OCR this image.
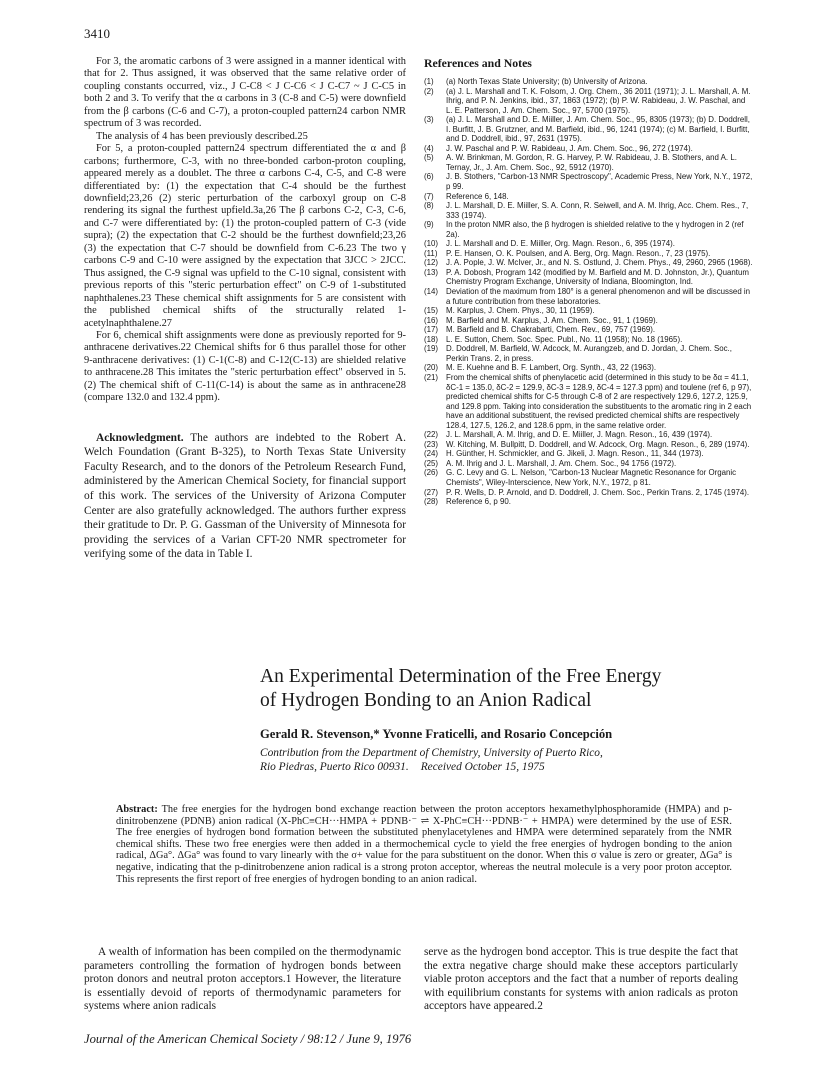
3410

For 3, the aromatic carbons of 3 were assigned in a manner identical with that for 2. Thus assigned, it was observed that the same relative order of coupling constants occurred, viz., J C-C8 < J C-C6 < J C-C7 ~ J C-C5 in both 2 and 3. To verify that the α carbons in 3 (C-8 and C-5) were downfield from the β carbons (C-6 and C-7), a proton-coupled pattern24 carbon NMR spectrum of 3 was recorded.

The analysis of 4 has been previously described.25

For 5, a proton-coupled pattern24 spectrum differentiated the α and β carbons; furthermore, C-3, with no three-bonded carbon-proton coupling, appeared merely as a doublet. The three α carbons C-4, C-5, and C-8 were differentiated by: (1) the expectation that C-4 should be the furthest downfield;23,26 (2) steric perturbation of the carboxyl group on C-8 rendering its signal the furthest upfield.3a,26 The β carbons C-2, C-3, C-6, and C-7 were differentiated by: (1) the proton-coupled pattern of C-3 (vide supra); (2) the expectation that C-2 should be the furthest downfield;23,26 (3) the expectation that C-7 should be downfield from C-6.23 The two γ carbons C-9 and C-10 were assigned by the expectation that 3JCC > 2JCC. Thus assigned, the C-9 signal was upfield to the C-10 signal, consistent with previous reports of this "steric perturbation effect" on C-9 of 1-substituted naphthalenes.23 These chemical shift assignments for 5 are consistent with the published chemical shifts of the structurally related 1-acetylnaphthalene.27

For 6, chemical shift assignments were done as previously reported for 9-anthracene derivatives.22 Chemical shifts for 6 thus parallel those for other 9-anthracene derivatives: (1) C-1(C-8) and C-12(C-13) are shielded relative to anthracene.28 This imitates the "steric perturbation effect" observed in 5. (2) The chemical shift of C-11(C-14) is about the same as in anthracene28 (compare 132.0 and 132.4 ppm).

Acknowledgment. The authors are indebted to the Robert A. Welch Foundation (Grant B-325), to North Texas State University Faculty Research, and to the donors of the Petroleum Research Fund, administered by the American Chemical Society, for financial support of this work. The services of the University of Arizona Computer Center are also gratefully acknowledged. The authors further express their gratitude to Dr. P. G. Gassman of the University of Minnesota for providing the services of a Varian CFT-20 NMR spectrometer for verifying some of the data in Table I.

References and Notes
(1)	(a) North Texas State University; (b) University of Arizona.
(2)	(a) J. L. Marshall and T. K. Folsom, J. Org. Chem., 36 2011 (1971); J. L. Marshall, A. M. Ihrig, and P. N. Jenkins, ibid., 37, 1863 (1972); (b) P. W. Rabideau, J. W. Paschal, and L. E. Patterson, J. Am. Chem. Soc., 97, 5700 (1975).
(3)	(a) J. L. Marshall and D. E. Miiller, J. Am. Chem. Soc., 95, 8305 (1973); (b) D. Doddrell, I. Burfitt, J. B. Grutzner, and M. Barfield, ibid., 96, 1241 (1974); (c) M. Barfield, I. Burfitt, and D. Doddrell, ibid., 97, 2631 (1975).
(4)	J. W. Paschal and P. W. Rabideau, J. Am. Chem. Soc., 96, 272 (1974).
(5)	A. W. Brinkman, M. Gordon, R. G. Harvey, P. W. Rabideau, J. B. Stothers, and A. L. Ternay, Jr., J. Am. Chem. Soc., 92, 5912 (1970).
(6)	J. B. Stothers, "Carbon-13 NMR Spectroscopy", Academic Press, New York, N.Y., 1972, p 99.
(7)	Reference 6, 148.
(8)	J. L. Marshall, D. E. Miiller, S. A. Conn, R. Seiwell, and A. M. Ihrig, Acc. Chem. Res., 7, 333 (1974).
(9)	In the proton NMR also, the β hydrogen is shielded relative to the γ hydrogen in 2 (ref 2a).
(10)	J. L. Marshall and D. E. Miiller, Org. Magn. Reson., 6, 395 (1974).
(11)	P. E. Hansen, O. K. Poulsen, and A. Berg, Org. Magn. Reson., 7, 23 (1975).
(12)	J. A. Pople, J. W. McIver, Jr., and N. S. Ostlund, J. Chem. Phys., 49, 2960, 2965 (1968).
(13)	P. A. Dobosh, Program 142 (modified by M. Barfield and M. D. Johnston, Jr.), Quantum Chemistry Program Exchange, University of Indiana, Bloomington, Ind.
(14)	Deviation of the maximum from 180° is a general phenomenon and will be discussed in a future contribution from these laboratories.
(15)	M. Karplus, J. Chem. Phys., 30, 11 (1959).
(16)	M. Barfield and M. Karplus, J. Am. Chem. Soc., 91, 1 (1969).
(17)	M. Barfield and B. Chakrabarti, Chem. Rev., 69, 757 (1969).
(18)	L. E. Sutton, Chem. Soc. Spec. Publ., No. 11 (1958); No. 18 (1965).
(19)	D. Doddrell, M. Barfield, W. Adcock, M. Aurangzeb, and D. Jordan, J. Chem. Soc., Perkin Trans. 2, in press.
(20)	M. E. Kuehne and B. F. Lambert, Org. Synth., 43, 22 (1963).
(21)	From the chemical shifts of phenylacetic acid (determined in this study to be δα = 41.1, δC-1 = 135.0, δC-2 = 129.9, δC-3 = 128.9, δC-4 = 127.3 ppm) and toulene (ref 6, p 97), predicted chemical shifts for C-5 through C-8 of 2 are respectively 129.6, 127.2, 125.9, and 129.8 ppm. Taking into consideration the substituents to the aromatic ring in 2 each have an additional substituent, the revised predicted chemical shifts are respectively 128.4, 127.5, 126.2, and 128.6 ppm, in the same relative order.
(22)	J. L. Marshall, A. M. Ihrig, and D. E. Miiller, J. Magn. Reson., 16, 439 (1974).
(23)	W. Kitching, M. Bullpitt, D. Doddrell, and W. Adcock, Org. Magn. Reson., 6, 289 (1974).
(24)	H. Günther, H. Schmickler, and G. Jikeli, J. Magn. Reson., 11, 344 (1973).
(25)	A. M. Ihrig and J. L. Marshall, J. Am. Chem. Soc., 94 1756 (1972).
(26)	G. C. Levy and G. L. Nelson, "Carbon-13 Nuclear Magnetic Resonance for Organic Chemists", Wiley-Interscience, New York, N.Y., 1972, p 81.
(27)	P. R. Wells, D. P. Arnold, and D. Doddrell, J. Chem. Soc., Perkin Trans. 2, 1745 (1974).
(28)	Reference 6, p 90.
An Experimental Determination of the Free Energy
of Hydrogen Bonding to an Anion Radical
Gerald R. Stevenson,* Yvonne Fraticelli, and Rosario Concepción
Contribution from the Department of Chemistry, University of Puerto Rico,
Rio Piedras, Puerto Rico 00931. Received October 15, 1975
Abstract: The free energies for the hydrogen bond exchange reaction between the proton acceptors hexamethylphosphoramide (HMPA) and p-dinitrobenzene (PDNB) anion radical (X-PhC≡CH···HMPA + PDNB·⁻ ⇌ X-PhC≡CH···PDNB·⁻ + HMPA) were determined by the use of ESR. The free energies of hydrogen bond formation between the substituted phenylacetylenes and HMPA were determined separately from the NMR chemical shifts. These two free energies were then added in a thermochemical cycle to yield the free energies of hydrogen bonding to the anion radical, ΔGa°. ΔGa° was found to vary linearly with the σ+ value for the para substituent on the donor. When this σ value is zero or greater, ΔGa° is negative, indicating that the p-dinitrobenzene anion radical is a strong proton acceptor, whereas the neutral molecule is a very poor proton acceptor. This represents the first report of free energies of hydrogen bonding to an anion radical.
A wealth of information has been compiled on the thermodynamic parameters controlling the formation of hydrogen bonds between proton donors and neutral proton acceptors.1 However, the literature is essentially devoid of reports of thermodynamic parameters for systems where anion radicals
serve as the hydrogen bond acceptor. This is true despite the fact that the extra negative charge should make these acceptors particularly viable proton acceptors and the fact that a number of reports dealing with equilibrium constants for systems with anion radicals as proton acceptors have appeared.2
Journal of the American Chemical Society / 98:12 / June 9, 1976
